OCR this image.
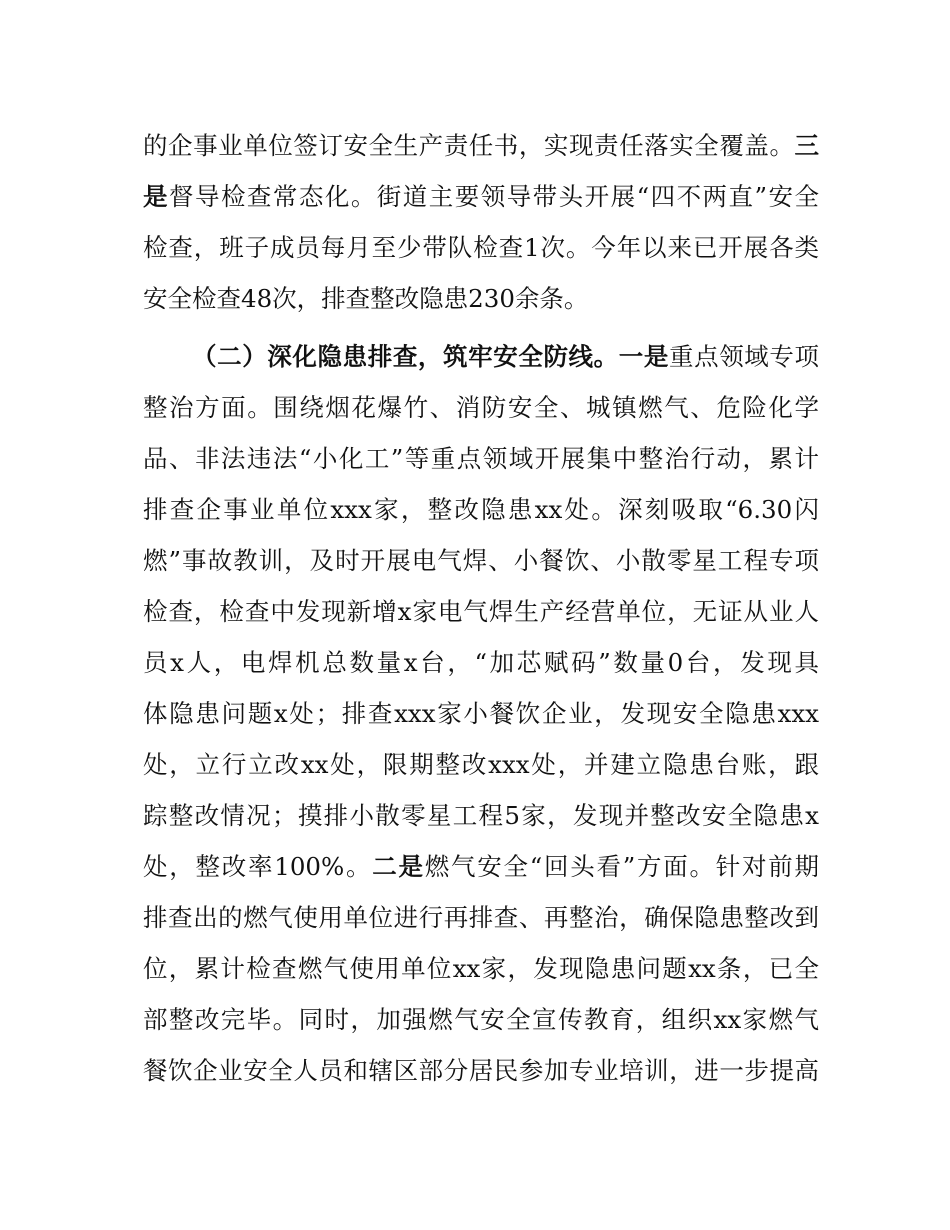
的企事业单位签订安全生产责任书，实现责任落实全覆盖。三
是督导检查常态化。街道主要领导带头开展“四不两直”安全
检查，班子成员每月至少带队检查1次。今年以来已开展各类
安全检查48次，排查整改隐患230余条。
（二）深化隐患排查，筑牢安全防线。一是重点领域专项
整治方面。围绕烟花爆竹、消防安全、城镇燃气、危险化学
品、非法违法“小化工”等重点领域开展集中整治行动，累计
排查企事业单位xxx家，整改隐患xx处。深刻吸取“6.30闪
燃”事故教训，及时开展电气焊、小餐饮、小散零星工程专项
检查，检查中发现新增x家电气焊生产经营单位，无证从业人
员x人，电焊机总数量x台，“加芯赋码”数量0台，发现具
体隐患问题x处；排查xxx家小餐饮企业，发现安全隐患xxx
处，立行立改xx处，限期整改xxx处，并建立隐患台账，跟
踪整改情况；摸排小散零星工程5家，发现并整改安全隐患x
处，整改率100%。二是燃气安全“回头看”方面。针对前期
排查出的燃气使用单位进行再排查、再整治，确保隐患整改到
位，累计检查燃气使用单位xx家，发现隐患问题xx条，已全
部整改完毕。同时，加强燃气安全宣传教育，组织xx家燃气
餐饮企业安全人员和辖区部分居民参加专业培训，进一步提高
